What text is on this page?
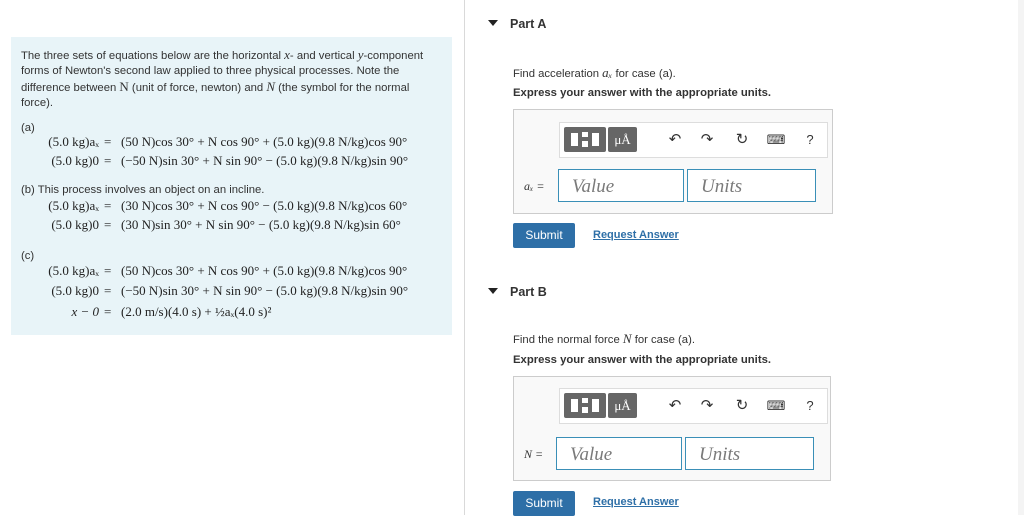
The three sets of equations below are the horizontal x- and vertical y-component forms of Newton's second law applied to three physical processes. Note the difference between N (unit of force, newton) and N (the symbol for the normal force).
(a)
(5.0 kg)aₓ = (50 N)cos 30° + N cos 90° + (5.0 kg)(9.8 N/kg)cos 90°
(5.0 kg)0 = (−50 N)sin 30° + N sin 90° − (5.0 kg)(9.8 N/kg)sin 90°
(b) This process involves an object on an incline.
(5.0 kg)aₓ = (30 N)cos 30° + N cos 90° − (5.0 kg)(9.8 N/kg)cos 60°
(5.0 kg)0 = (30 N)sin 30° + N sin 90° − (5.0 kg)(9.8 N/kg)sin 60°
(c)
(5.0 kg)aₓ = (50 N)cos 30° + N cos 90° + (5.0 kg)(9.8 N/kg)cos 90°
(5.0 kg)0 = (−50 N)sin 30° + N sin 90° − (5.0 kg)(9.8 N/kg)sin 90°
x − 0 = (2.0 m/s)(4.0 s) + ½aₓ(4.0 s)²
Part A
Find acceleration aₓ for case (a).
Express your answer with the appropriate units.
μÅ	↶	↷	↻	⌨	?
aₓ =	Value	Units
Submit	Request Answer
Part B
Find the normal force N for case (a).
Express your answer with the appropriate units.
μÅ	↶	↷	↻	⌨	?
N =	Value	Units
Submit	Request Answer
